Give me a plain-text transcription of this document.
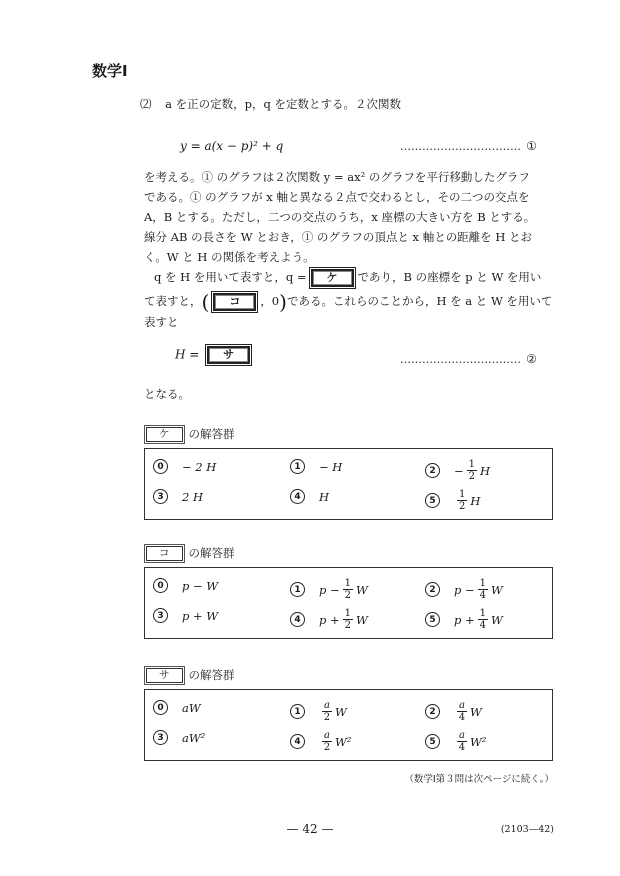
数学Ⅰ
⑵ a を正の定数，p，q を定数とする。２次関数
y = a(x − p)² + q	…………………………… ①

を考える。① のグラフは２次関数 y = ax² のグラフを平行移動したグラフ

である。① のグラフが x 軸と異なる２点で交わるとし，その二つの交点を

A，B とする。ただし，二つの交点のうち，x 座標の大きい方を B とする。

線分 AB の長さを W とおき，① のグラフの頂点と x 軸との距離を H とお

く。W と H の関係を考えよう。

q を H を用いて表すと，q = ケ であり，B の座標を p と W を用い

て表すと，( コ ，0)である。これらのことから，H を a と W を用いて

表すと

H = サ	…………………………… ②
となる。
ケ	の解答群
0	− 2 H	1	− H	2	− $\frac{1}{2}$ H
3	2 H	4	H	5	$\frac{1}{2}$ H
コ	の解答群
0	p − W	1	$p - \frac{1}{2}$ W	2	$p - \frac{1}{4}$ W
3	p + W	4	$p + \frac{1}{2}$ W	5	$p + \frac{1}{4}$ W
サ	の解答群
0	aW	1	$\frac{a}{2}$ W	2	$\frac{a}{4}$ W
3	aW²	4	$\frac{a}{2} W^2$	5	$\frac{a}{4} W^2$
（数学Ⅰ第３問は次ページに続く。）
— 42 —	(2103—42)
